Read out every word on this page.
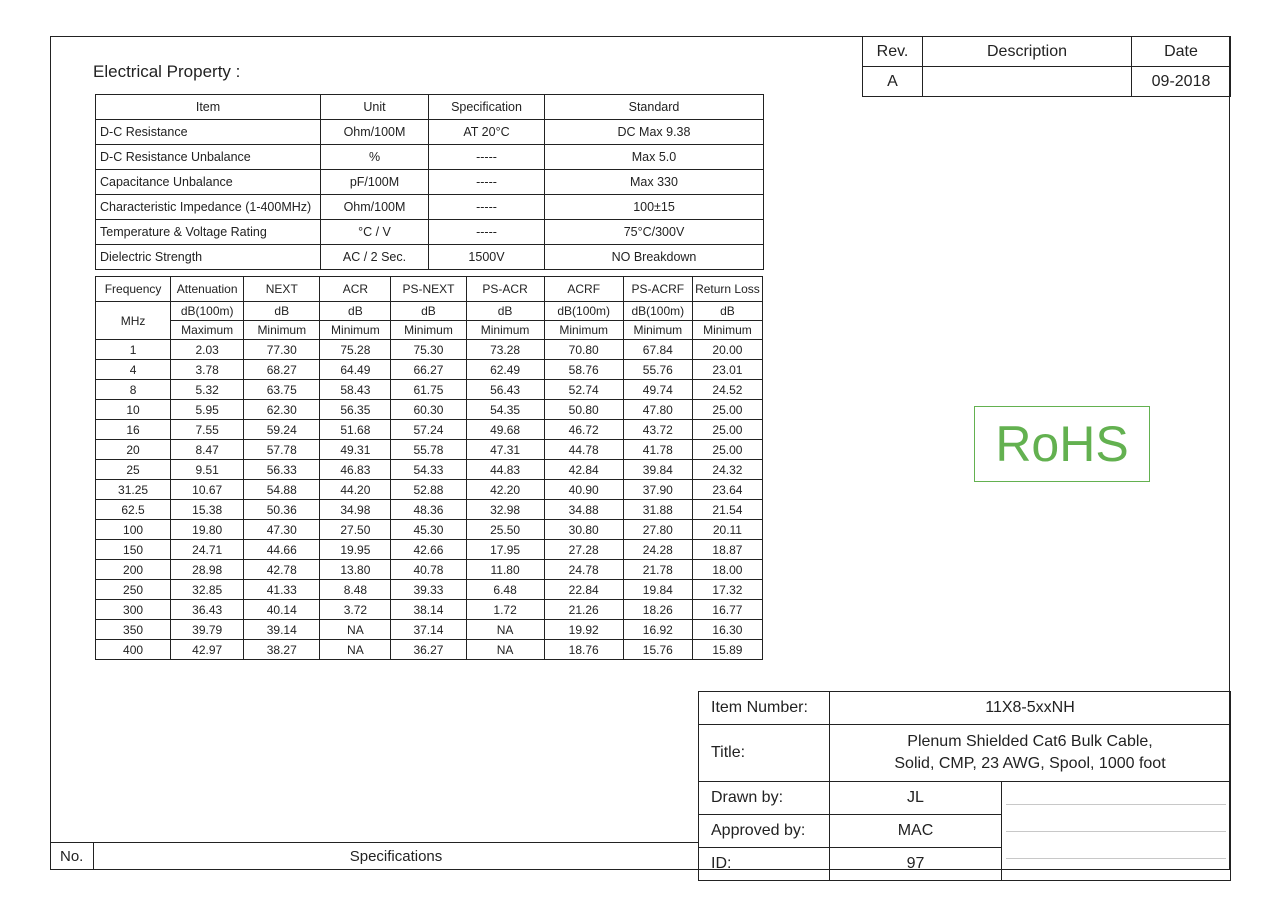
Electrical Property :
Item	Unit	Specification	Standard
D-C Resistance	Ohm/100M	AT 20°C	DC Max 9.38
D-C Resistance Unbalance	%	-----	Max 5.0
Capacitance Unbalance	pF/100M	-----	Max 330
Characteristic Impedance (1-400MHz)	Ohm/100M	-----	100±15
Temperature & Voltage Rating	°C / V	-----	75°C/300V
Dielectric Strength	AC / 2 Sec.	1500V	NO Breakdown
Frequency	Attenuation	NEXT	ACR	PS-NEXT	PS-ACR	ACRF	PS-ACRF	Return Loss
MHz	dB(100m)	dB	dB	dB	dB	dB(100m)	dB(100m)	dB
	Maximum	Minimum	Minimum	Minimum	Minimum	Minimum	Minimum	Minimum
1	2.03	77.30	75.28	75.30	73.28	70.80	67.84	20.00
4	3.78	68.27	64.49	66.27	62.49	58.76	55.76	23.01
8	5.32	63.75	58.43	61.75	56.43	52.74	49.74	24.52
10	5.95	62.30	56.35	60.30	54.35	50.80	47.80	25.00
16	7.55	59.24	51.68	57.24	49.68	46.72	43.72	25.00
20	8.47	57.78	49.31	55.78	47.31	44.78	41.78	25.00
25	9.51	56.33	46.83	54.33	44.83	42.84	39.84	24.32
31.25	10.67	54.88	44.20	52.88	42.20	40.90	37.90	23.64
62.5	15.38	50.36	34.98	48.36	32.98	34.88	31.88	21.54
100	19.80	47.30	27.50	45.30	25.50	30.80	27.80	20.11
150	24.71	44.66	19.95	42.66	17.95	27.28	24.28	18.87
200	28.98	42.78	13.80	40.78	11.80	24.78	21.78	18.00
250	32.85	41.33	8.48	39.33	6.48	22.84	19.84	17.32
300	36.43	40.14	3.72	38.14	1.72	21.26	18.26	16.77
350	39.79	39.14	NA	37.14	NA	19.92	16.92	16.30
400	42.97	38.27	NA	36.27	NA	18.76	15.76	15.89
Rev.	Description	Date
A		09-2018
RoHS
Item Number:	11X8-5xxNH	
Title:	Plenum Shielded Cat6 Bulk Cable,
Solid, CMP, 23 AWG, Spool, 1000 foot	

Drawn by:	JL	

Approved by:	MAC	
ID:	97	
No.	Specifications
